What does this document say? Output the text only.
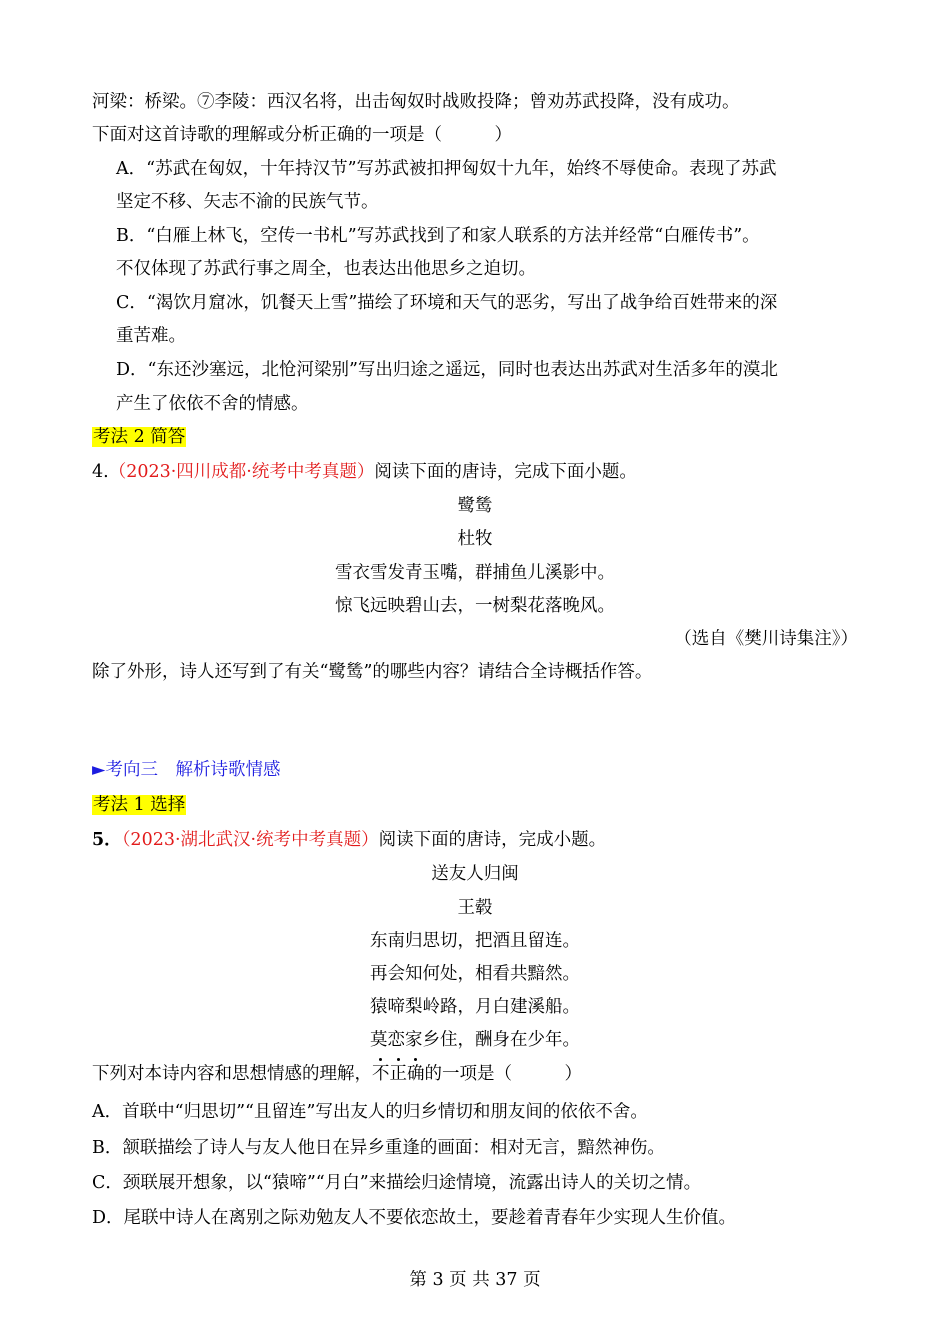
河梁：桥梁。⑦李陵：西汉名将，出击匈奴时战败投降；曾劝苏武投降，没有成功。
下面对这首诗歌的理解或分析正确的一项是（　　　）
A．“苏武在匈奴，十年持汉节”写苏武被扣押匈奴十九年，始终不辱使命。表现了苏武
坚定不移、矢志不渝的民族气节。
B．“白雁上林飞，空传一书札”写苏武找到了和家人联系的方法并经常“白雁传书”。
不仅体现了苏武行事之周全，也表达出他思乡之迫切。
C．“渴饮月窟冰，饥餐天上雪”描绘了环境和天气的恶劣，写出了战争给百姓带来的深
重苦难。
D．“东还沙塞远，北怆河梁别”写出归途之遥远，同时也表达出苏武对生活多年的漠北
产生了依依不舍的情感。
考法 2 简答
4.（2023·四川成都·统考中考真题）阅读下面的唐诗，完成下面小题。
鹭鸶
杜牧
雪衣雪发青玉嘴，群捕鱼儿溪影中。
惊飞远映碧山去，一树梨花落晚风。
（选自《樊川诗集注》）
除了外形，诗人还写到了有关“鹭鸶”的哪些内容？请结合全诗概括作答。
►考向三　解析诗歌情感
考法 1 选择
5．（2023·湖北武汉·统考中考真题）阅读下面的唐诗，完成小题。
送友人归闽
王毂
东南归思切，把酒且留连。
再会知何处，相看共黯然。
猿啼梨岭路，月白建溪船。
莫恋家乡住，酬身在少年。
下列对本诗内容和思想情感的理解，不正确的一项是（　　　）
A．首联中“归思切”“且留连”写出友人的归乡情切和朋友间的依依不舍。
B．颔联描绘了诗人与友人他日在异乡重逢的画面：相对无言，黯然神伤。
C．颈联展开想象，以“猿啼”“月白”来描绘归途情境，流露出诗人的关切之情。
D．尾联中诗人在离别之际劝勉友人不要依恋故土，要趁着青春年少实现人生价值。
第 3 页 共 37 页
